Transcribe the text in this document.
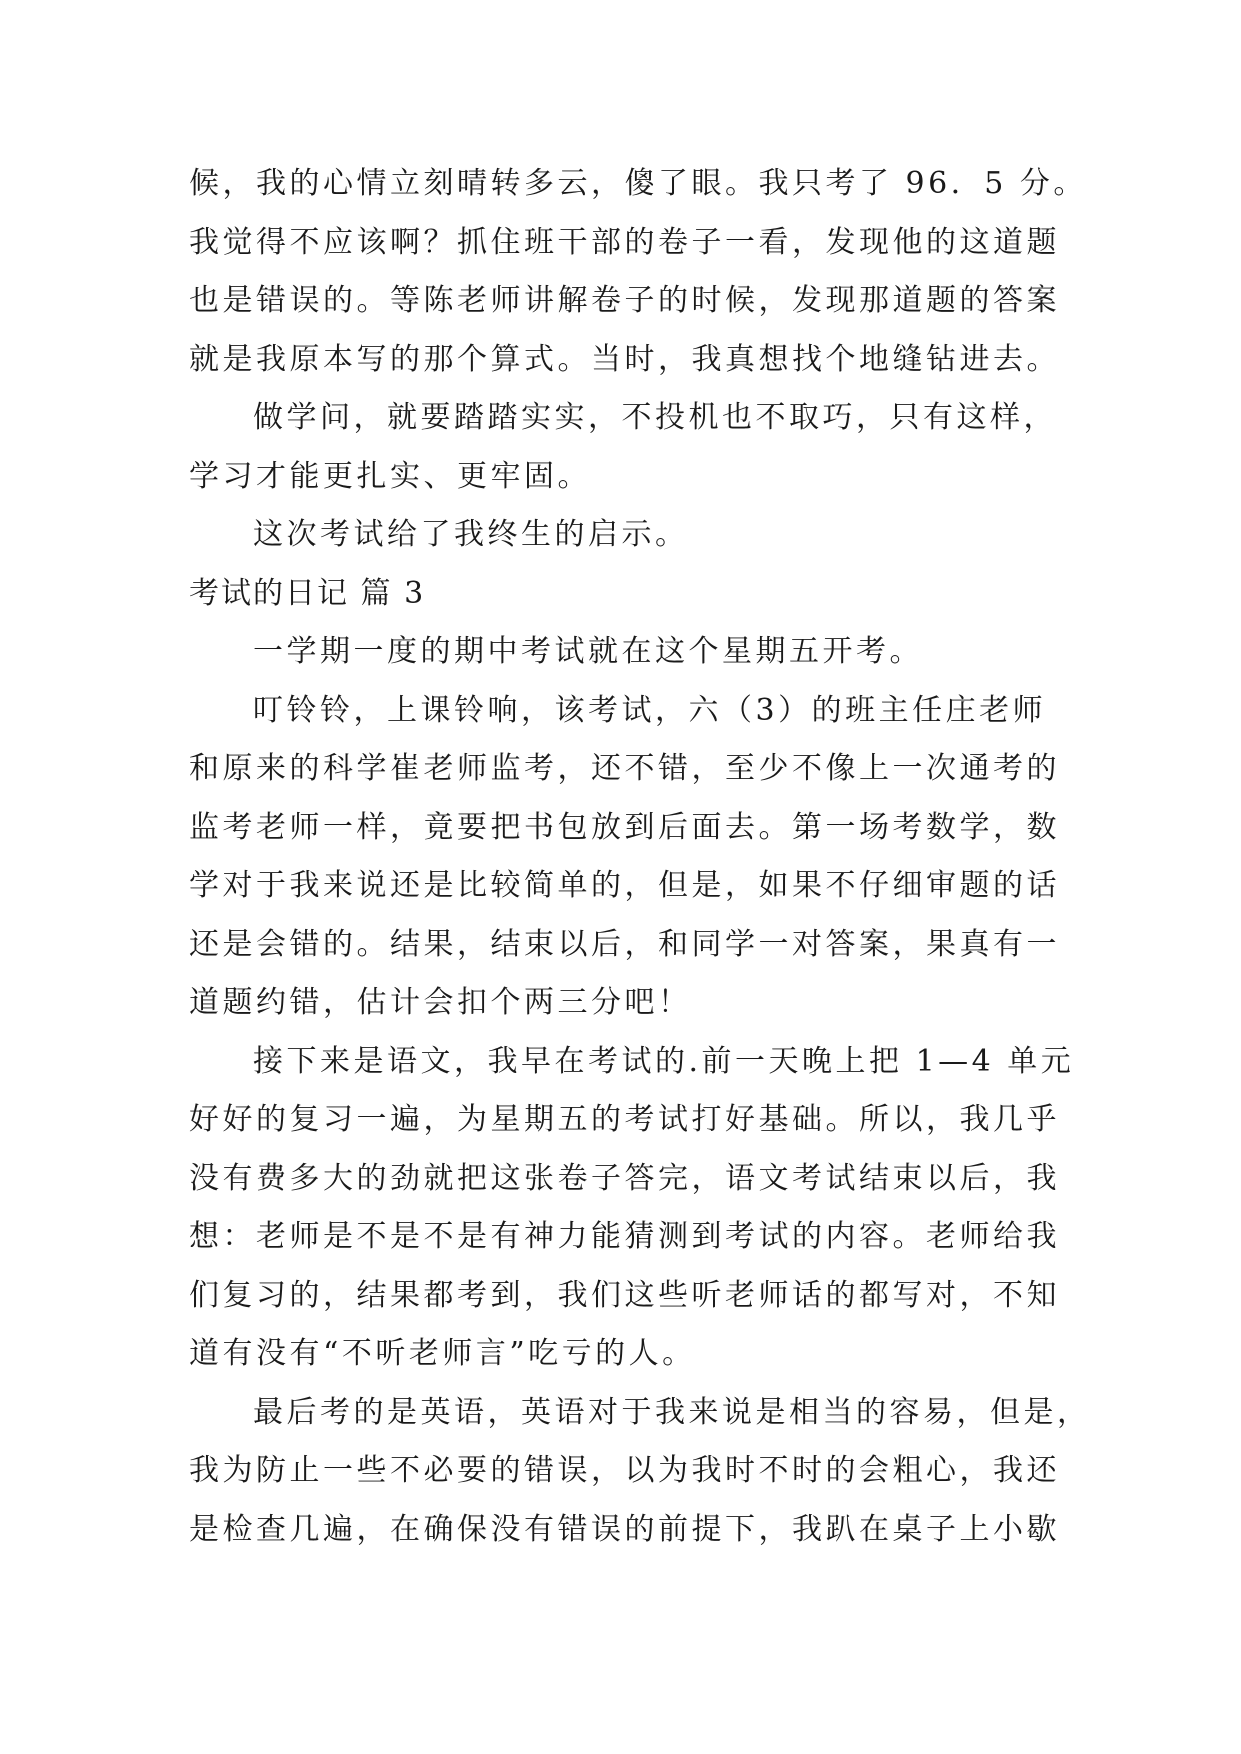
候，我的心情立刻晴转多云，傻了眼。我只考了 96．5 分。
我觉得不应该啊？抓住班干部的卷子一看，发现他的这道题
也是错误的。等陈老师讲解卷子的时候，发现那道题的答案
就是我原本写的那个算式。当时，我真想找个地缝钻进去。
做学问，就要踏踏实实，不投机也不取巧，只有这样，
学习才能更扎实、更牢固。
这次考试给了我终生的启示。
考试的日记 篇 3
一学期一度的期中考试就在这个星期五开考。
叮铃铃，上课铃响，该考试，六（3）的班主任庄老师
和原来的科学崔老师监考，还不错，至少不像上一次通考的
监考老师一样，竟要把书包放到后面去。第一场考数学，数
学对于我来说还是比较简单的，但是，如果不仔细审题的话
还是会错的。结果，结束以后，和同学一对答案，果真有一
道题约错，估计会扣个两三分吧！
接下来是语文，我早在考试的.前一天晚上把 1—4 单元
好好的复习一遍，为星期五的考试打好基础。所以，我几乎
没有费多大的劲就把这张卷子答完，语文考试结束以后，我
想：老师是不是不是有神力能猜测到考试的内容。老师给我
们复习的，结果都考到，我们这些听老师话的都写对，不知
道有没有“不听老师言”吃亏的人。
最后考的是英语，英语对于我来说是相当的容易，但是，
我为防止一些不必要的错误，以为我时不时的会粗心，我还
是检查几遍，在确保没有错误的前提下，我趴在桌子上小歇
